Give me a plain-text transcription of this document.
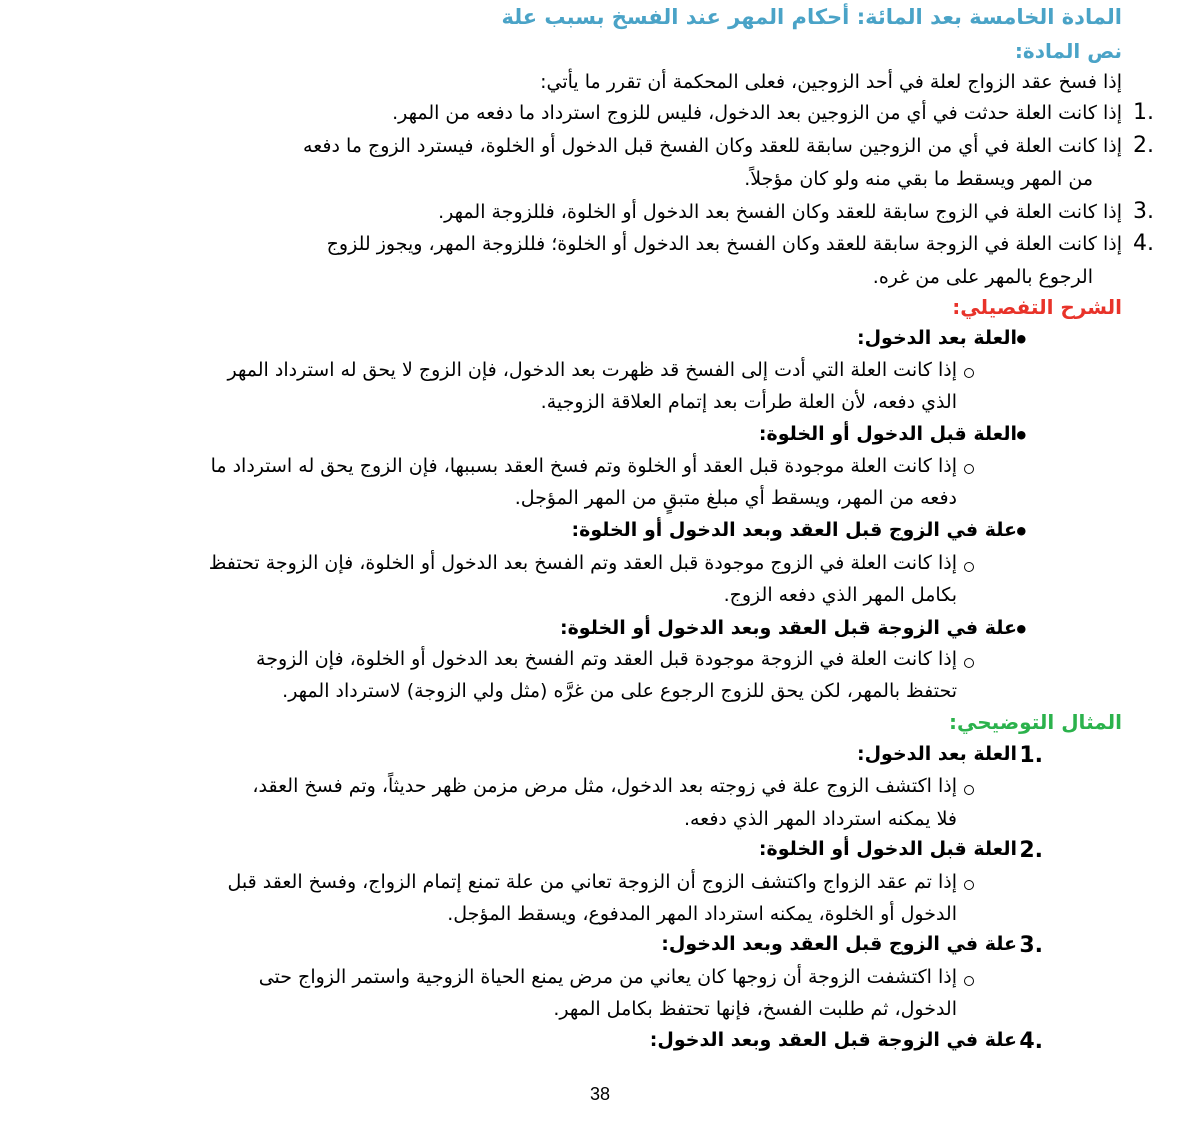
المادة الخامسة بعد المائة: أحكام المهر عند الفسخ بسبب علة
نص المادة:
إذا فسخ عقد الزواج لعلة في أحد الزوجين، فعلى المحكمة أن تقرر ما يأتي:
1.
إذا كانت العلة حدثت في أي من الزوجين بعد الدخول، فليس للزوج استرداد ما دفعه من المهر.
2.
إذا كانت العلة في أي من الزوجين سابقة للعقد وكان الفسخ قبل الدخول أو الخلوة، فيسترد الزوج ما دفعه
من المهر ويسقط ما بقي منه ولو كان مؤجلاً.
3.
إذا كانت العلة في الزوج سابقة للعقد وكان الفسخ بعد الدخول أو الخلوة، فللزوجة المهر.
4.
إذا كانت العلة في الزوجة سابقة للعقد وكان الفسخ بعد الدخول أو الخلوة؛ فللزوجة المهر، ويجوز للزوج
الرجوع بالمهر على من غره.
الشرح التفصيلي:
•
العلة بعد الدخول:
إذا كانت العلة التي أدت إلى الفسخ قد ظهرت بعد الدخول، فإن الزوج لا يحق له استرداد المهر
الذي دفعه، لأن العلة طرأت بعد إتمام العلاقة الزوجية.
•
العلة قبل الدخول أو الخلوة:
إذا كانت العلة موجودة قبل العقد أو الخلوة وتم فسخ العقد بسببها، فإن الزوج يحق له استرداد ما
دفعه من المهر، ويسقط أي مبلغ متبقٍ من المهر المؤجل.
•
علة في الزوج قبل العقد وبعد الدخول أو الخلوة:
إذا كانت العلة في الزوج موجودة قبل العقد وتم الفسخ بعد الدخول أو الخلوة، فإن الزوجة تحتفظ
بكامل المهر الذي دفعه الزوج.
•
علة في الزوجة قبل العقد وبعد الدخول أو الخلوة:
إذا كانت العلة في الزوجة موجودة قبل العقد وتم الفسخ بعد الدخول أو الخلوة، فإن الزوجة
تحتفظ بالمهر، لكن يحق للزوج الرجوع على من غرَّه (مثل ولي الزوجة) لاسترداد المهر.
المثال التوضيحي:
1.
العلة بعد الدخول:
إذا اكتشف الزوج علة في زوجته بعد الدخول، مثل مرض مزمن ظهر حديثاً، وتم فسخ العقد،
فلا يمكنه استرداد المهر الذي دفعه.
2.
العلة قبل الدخول أو الخلوة:
إذا تم عقد الزواج واكتشف الزوج أن الزوجة تعاني من علة تمنع إتمام الزواج، وفسخ العقد قبل
الدخول أو الخلوة، يمكنه استرداد المهر المدفوع، ويسقط المؤجل.
3.
علة في الزوج قبل العقد وبعد الدخول:
إذا اكتشفت الزوجة أن زوجها كان يعاني من مرض يمنع الحياة الزوجية واستمر الزواج حتى
الدخول، ثم طلبت الفسخ، فإنها تحتفظ بكامل المهر.
4.
علة في الزوجة قبل العقد وبعد الدخول:
38
